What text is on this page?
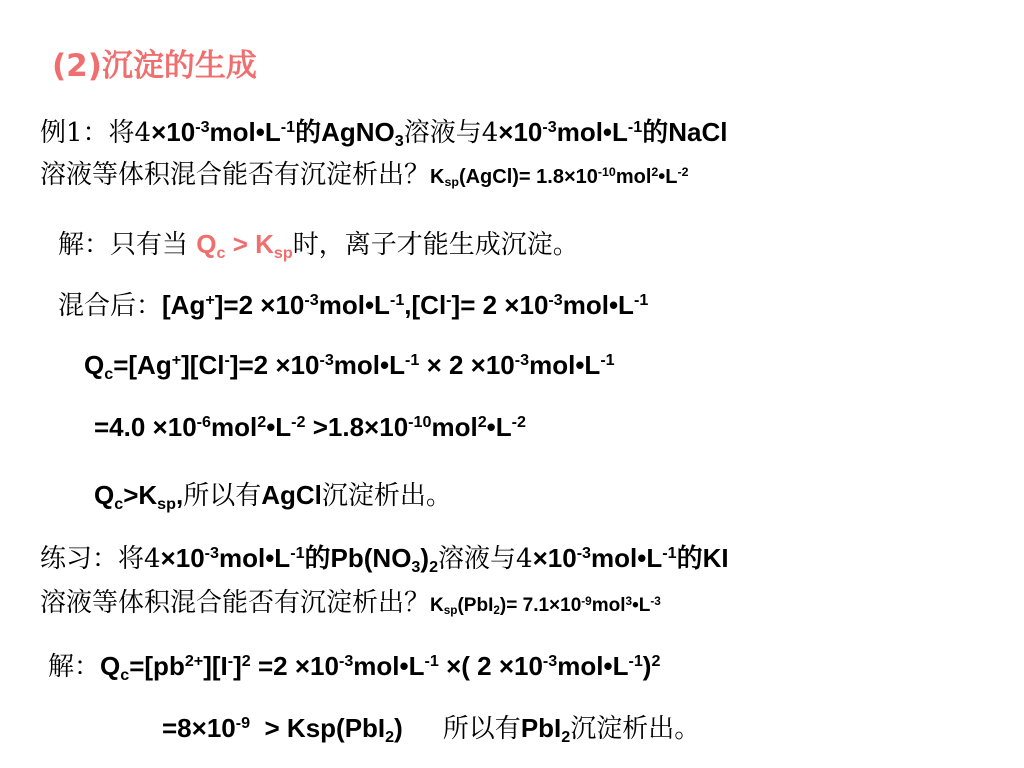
(2)沉淀的生成
例1：将$4\times 10^{-3}mol•L^{-1}$的AgNO$_3$溶液与$4\times 10^{-3}mol•L^{-1}$的NaCl
溶液等体积混合能否有沉淀析出？$K_{sp}(AgCl)=$ $1.8\times 10^{-10}mol^2•L^{-2}$
解：只有当 $Q_c > K_{sp}$时，离子才能生成沉淀。
混合后：$[Ag^+]=2 \times 10^{-3}mol•L^{-1},[Cl^-]= 2$ $\times 10^{-3}mol•L^{-1}$
$Q_c=[Ag^+][Cl^-]=2$ $\times 10^{-3}mol•L^{-1} \times 2$ $\times 10^{-3}mol•L^{-1}$
$=4.0 \times 10^{-6}mol^2•L^{-2}$ $>1.8\times 10^{-10}mol^2•L^{-2}$
$Q_c>K_{sp}$,所以有AgCl沉淀析出。
练习：将$4\times 10^{-3}mol•L^{-1}$的$Pb(NO_3)_2$溶液与$4\times 10^{-3}mol•L^{-1}$的KI
溶液等体积混合能否有沉淀析出？$K_{sp}(PbI_2)=$ $7.1\times 10^{-9}mol^3•L^{-3}$
解：$Q_c=[pb^{2+}][I^-]^2 =2$ $\times 10^{-3}mol•L^{-1}$ ×( $2 \times 10^{-3}mol•L^{-1})^2$
$=8\times 10^{-9} > Ksp(PbI_2)$ 所以有PbI$_2$沉淀析出。
